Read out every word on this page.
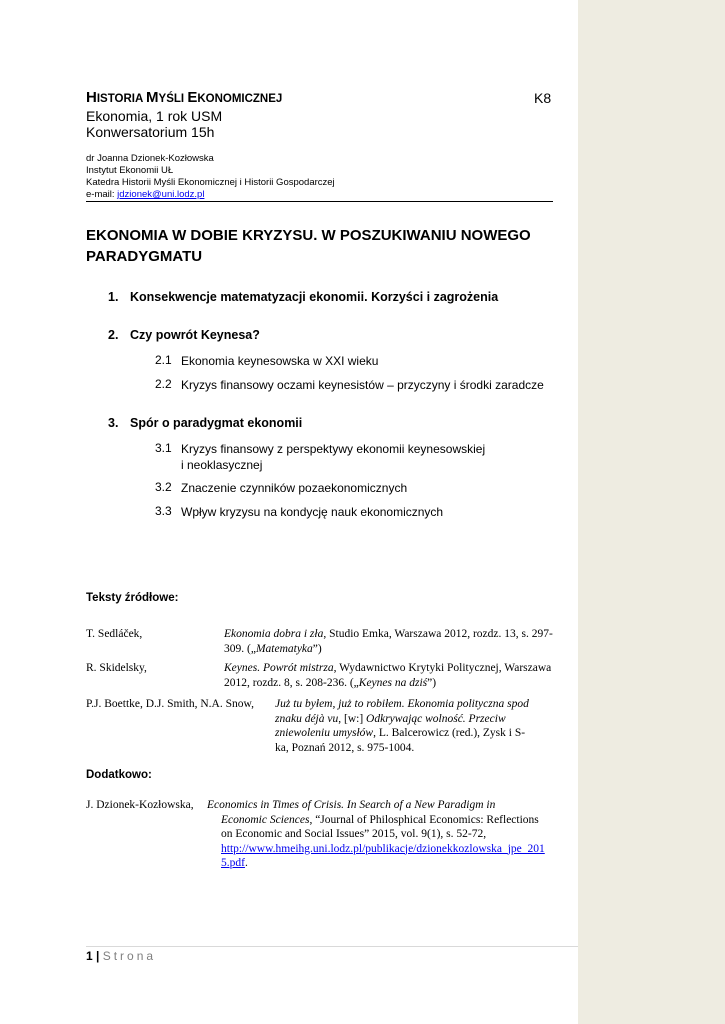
HISTORIA MYŚLI EKONOMICZNEJ	K8
Ekonomia, 1 rok USM
Konwersatorium 15h
dr Joanna Dzionek-Kozłowska
Instytut Ekonomii UŁ
Katedra Historii Myśli Ekonomicznej i Historii Gospodarczej
e-mail: jdzionek@uni.lodz.pl
EKONOMIA W DOBIE KRYZYSU. W POSZUKIWANIU NOWEGO
PARADYGMATU
1. Konsekwencje matematyzacji ekonomii. Korzyści i zagrożenia
2. Czy powrót Keynesa?
2.1 Ekonomia keynesowska w XXI wieku
2.2 Kryzys finansowy oczami keynesistów – przyczyny i środki zaradcze
3. Spór o paradygmat ekonomii
3.1 Kryzys finansowy z perspektywy ekonomii keynesowskiej
i neoklasycznej
3.2 Znaczenie czynników pozaekonomicznych
3.3 Wpływ kryzysu na kondycję nauk ekonomicznych
Teksty źródłowe:
T. Sedláček,	Ekonomia dobra i zła, Studio Emka, Warszawa 2012, rozdz. 13, s. 297-
309. („Matematyka”)
R. Skidelsky,	Keynes. Powrót mistrza, Wydawnictwo Krytyki Politycznej, Warszawa
2012, rozdz. 8, s. 208-236. („Keynes na dziś”)
P.J. Boettke, D.J. Smith, N.A. Snow, Już tu byłem, już to robiłem. Ekonomia polityczna spod
znaku déjà vu, [w:] Odkrywając wolność. Przeciw
zniewoleniu umysłów, L. Balcerowicz (red.), Zysk i S-
ka, Poznań 2012, s. 975-1004.
Dodatkowo:
J. Dzionek-Kozłowska, Economics in Times of Crisis. In Search of a New Paradigm in
Economic Sciences, “Journal of Philosphical Economics: Reflections
on Economic and Social Issues” 2015, vol. 9(1), s. 52-72,
http://www.hmeihg.uni.lodz.pl/publikacje/dzionekkozlowska_jpe_201
5.pdf.
1 | Strona
